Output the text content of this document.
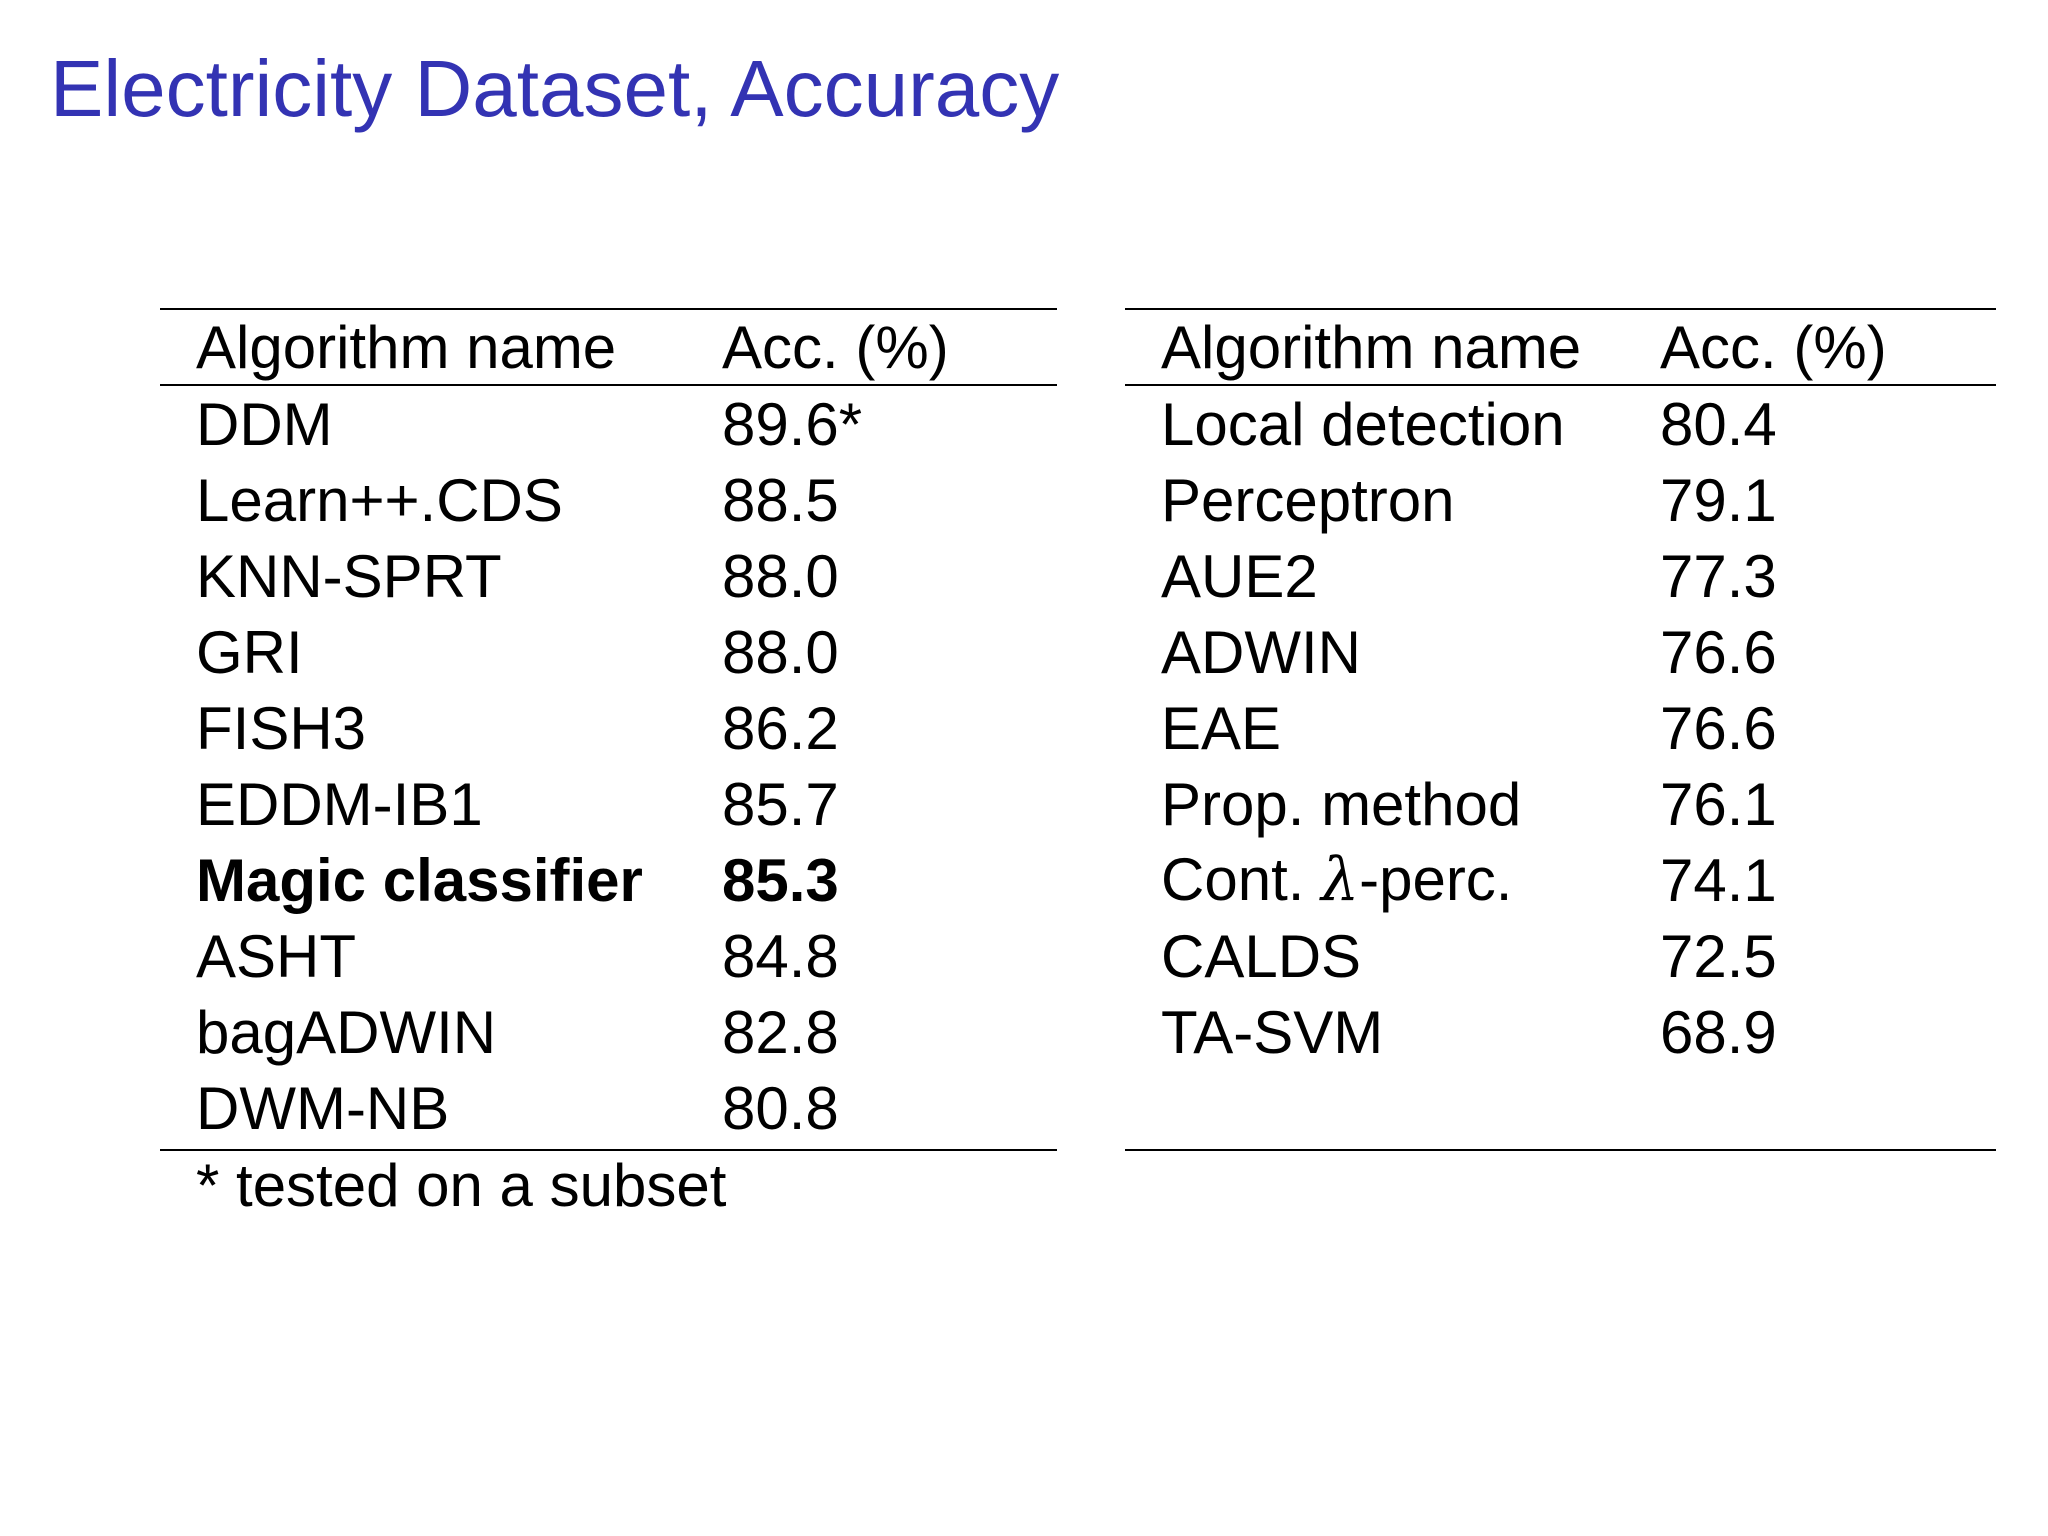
Electricity Dataset, Accuracy
Algorithm name	Acc. (%)
DDM	89.6*
Learn++.CDS	88.5
KNN-SPRT	88.0
GRI	88.0
FISH3	86.2
EDDM-IB1	85.7
Magic classifier	85.3
ASHT	84.8
bagADWIN	82.8
DWM-NB	80.8
* tested on a subset
Algorithm name	Acc. (%)
Local detection	80.4
Perceptron	79.1
AUE2	77.3
ADWIN	76.6
EAE	76.6
Prop. method	76.1
Cont. λ-perc.	74.1
CALDS	72.5
TA-SVM	68.9
